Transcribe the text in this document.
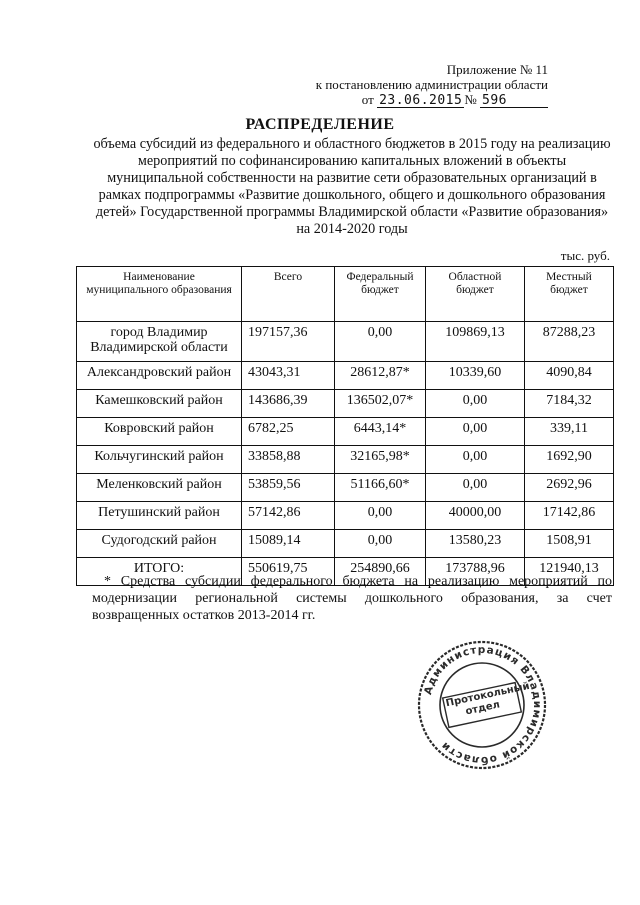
Приложение № 11
к постановлению администрации области
от 23.06.2015 № 596
РАСПРЕДЕЛЕНИЕ
объема субсидий из федерального и областного бюджетов в 2015 году на реализацию мероприятий по софинансированию капитальных вложений в объекты муниципальной собственности на развитие сети образовательных организаций в рамках подпрограммы «Развитие дошкольного, общего и дошкольного образования детей» Государственной программы Владимирской области «Развитие образования» на 2014-2020 годы
тыс. руб.
Наименование муниципального образования	Всего	Федеральный бюджет	Областной бюджет	Местный бюджет
город Владимир Владимирской области	197157,36	0,00	109869,13	87288,23
Александровский район	43043,31	28612,87*	10339,60	4090,84
Камешковский район	143686,39	136502,07*	0,00	7184,32
Ковровский район	6782,25	6443,14*	0,00	339,11
Кольчугинский район	33858,88	32165,98*	0,00	1692,90
Меленковский район	53859,56	51166,60*	0,00	2692,96
Петушинский район	57142,86	0,00	40000,00	17142,86
Судогодский район	15089,14	0,00	13580,23	1508,91
ИТОГО:	550619,75	254890,66	173788,96	121940,13
* Средства субсидии федерального бюджета на реализацию мероприятий по модернизации региональной системы дошкольного образования, за счет возвращенных остатков 2013-2014 гг.
Администрация Владимирской области
Протокольный отдел
